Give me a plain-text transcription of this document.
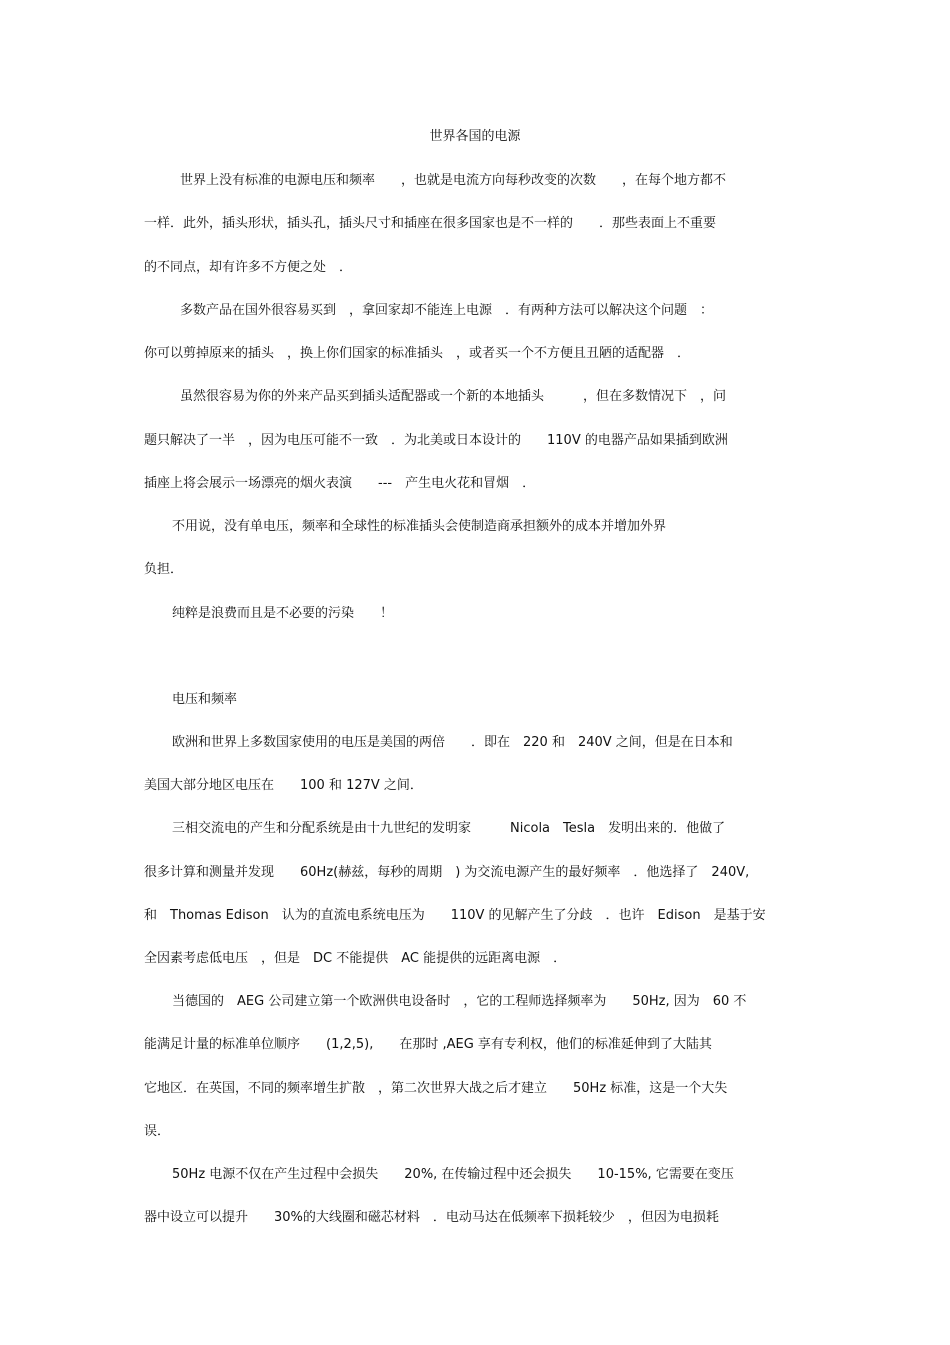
世界各国的电源
世界上没有标准的电源电压和频率　　，也就是电流方向每秒改变的次数　　，在每个地方都不
一样．此外，插头形状，插头孔，插头尺寸和插座在很多国家也是不一样的　　．那些表面上不重要
的不同点，却有许多不方便之处　．
多数产品在国外很容易买到　，拿回家却不能连上电源　．有两种方法可以解决这个问题　：
你可以剪掉原来的插头　，换上你们国家的标准插头　，或者买一个不方便且丑陋的适配器　．
虽然很容易为你的外来产品买到插头适配器或一个新的本地插头　　　，但在多数情况下　，问
题只解决了一半　，因为电压可能不一致　．为北美或日本设计的　　110V 的电器产品如果插到欧洲
插座上将会展示一场漂亮的烟火表演　　---　产生电火花和冒烟　．
不用说，没有单电压，频率和全球性的标准插头会使制造商承担额外的成本并增加外界
负担．
纯粹是浪费而且是不必要的污染　　！
电压和频率
欧洲和世界上多数国家使用的电压是美国的两倍　　．即在　220 和　240V 之间，但是在日本和
美国大部分地区电压在　　100 和 127V 之间．
三相交流电的产生和分配系统是由十九世纪的发明家　　　Nicola　Tesla　发明出来的．他做了
很多计算和测量并发现　　60Hz(赫兹，每秒的周期　) 为交流电源产生的最好频率　．他选择了　240V,
和　Thomas Edison　认为的直流电系统电压为　　110V 的见解产生了分歧　．也许　Edison　是基于安
全因素考虑低电压　，但是　DC 不能提供　AC 能提供的远距离电源　．
当德国的　AEG 公司建立第一个欧洲供电设备时　，它的工程师选择频率为　　50Hz, 因为　60 不
能满足计量的标准单位顺序　　(1,2,5),　　在那时 ,AEG 享有专利权，他们的标准延伸到了大陆其
它地区．在英国，不同的频率增生扩散　，第二次世界大战之后才建立　　50Hz 标准，这是一个大失
误．
50Hz 电源不仅在产生过程中会损失　　20%, 在传输过程中还会损失　　10-15%, 它需要在变压
器中设立可以提升　　30%的大线圈和磁芯材料　．电动马达在低频率下损耗较少　，但因为电损耗
